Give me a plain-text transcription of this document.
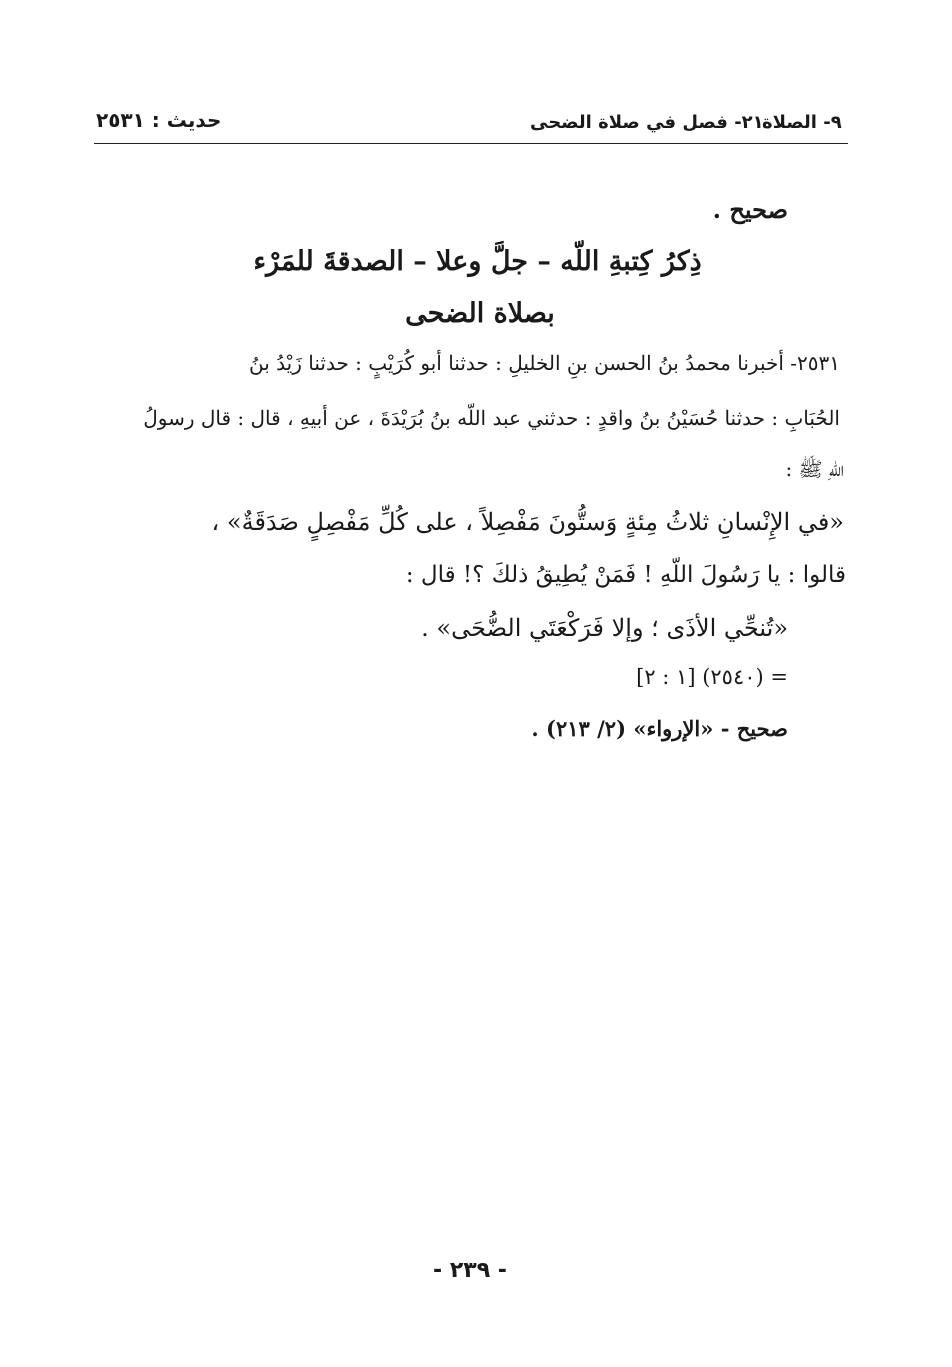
حديث : ٢٥٣١	٢١- فصل في صلاة الضحى
٩- الصلاة
صحيح .
ذِكرُ كِتبةِ اللّه – جلَّ وعلا – الصدقةَ للمَرْء
بصلاة الضحى
٢٥٣١- أخبرنا محمدُ بنُ الحسن بنِ الخليلِ : حدثنا أبو كُرَيْبٍ : حدثنا زَيْدُ بنُ
الحُبَابِ : حدثنا حُسَيْنُ بنُ واقدٍ : حدثني عبد اللّه بنُ بُرَيْدَةَ ، عن أبيهِ ، قال : قال رسولُ
اللّهِ ﷺ :
«في الإِنْسانِ ثلاثُ مِئةٍ وَستُّونَ مَفْصِلاً ، على كُلِّ مَفْصِلٍ صَدَقَةٌ» ،
قالوا : يا رَسُولَ اللّهِ ! فَمَنْ يُطِيقُ ذلكَ ؟! قال :
«تُنحِّي الأذَى ؛ وإلا فَرَكْعَتَي الضُّحَى» .
= (٢٥٤٠) [١ : ٢]
صحيح - «الإرواء» (٢/ ٢١٣) .
- ٢٣٩ -
